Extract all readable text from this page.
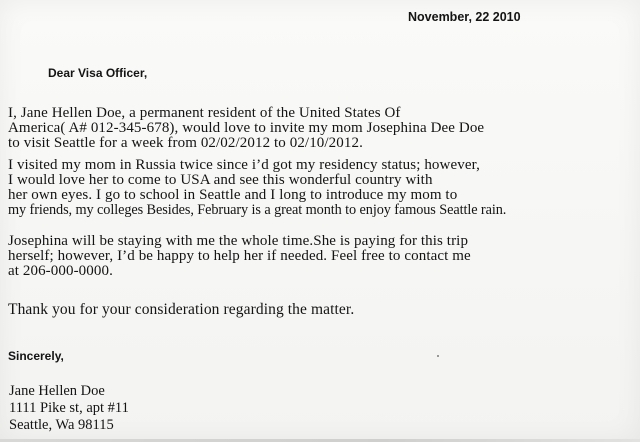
November, 22 2010
Dear Visa Officer,
I, Jane Hellen Doe, a permanent resident of the United States Of
America( A# 012-345-678), would love to invite my mom Josephina Dee Doe
to visit Seattle for a week from 02/02/2012 to 02/10/2012.
I visited my mom in Russia twice since i’d got my residency status; however,
I would love her to come to USA and see this wonderful country with
her own eyes. I go to school in Seattle and I long to introduce my mom to
my friends, my colleges Besides, February is a great month to enjoy famous Seattle rain.
Josephina will be staying with me the whole time.She is paying for this trip
herself; however, I’d be happy to help her if needed. Feel free to contact me
at 206-000-0000.
Thank you for your consideration regarding the matter.
Sincerely,
Jane Hellen Doe
1111 Pike st, apt #11
Seattle, Wa 98115
